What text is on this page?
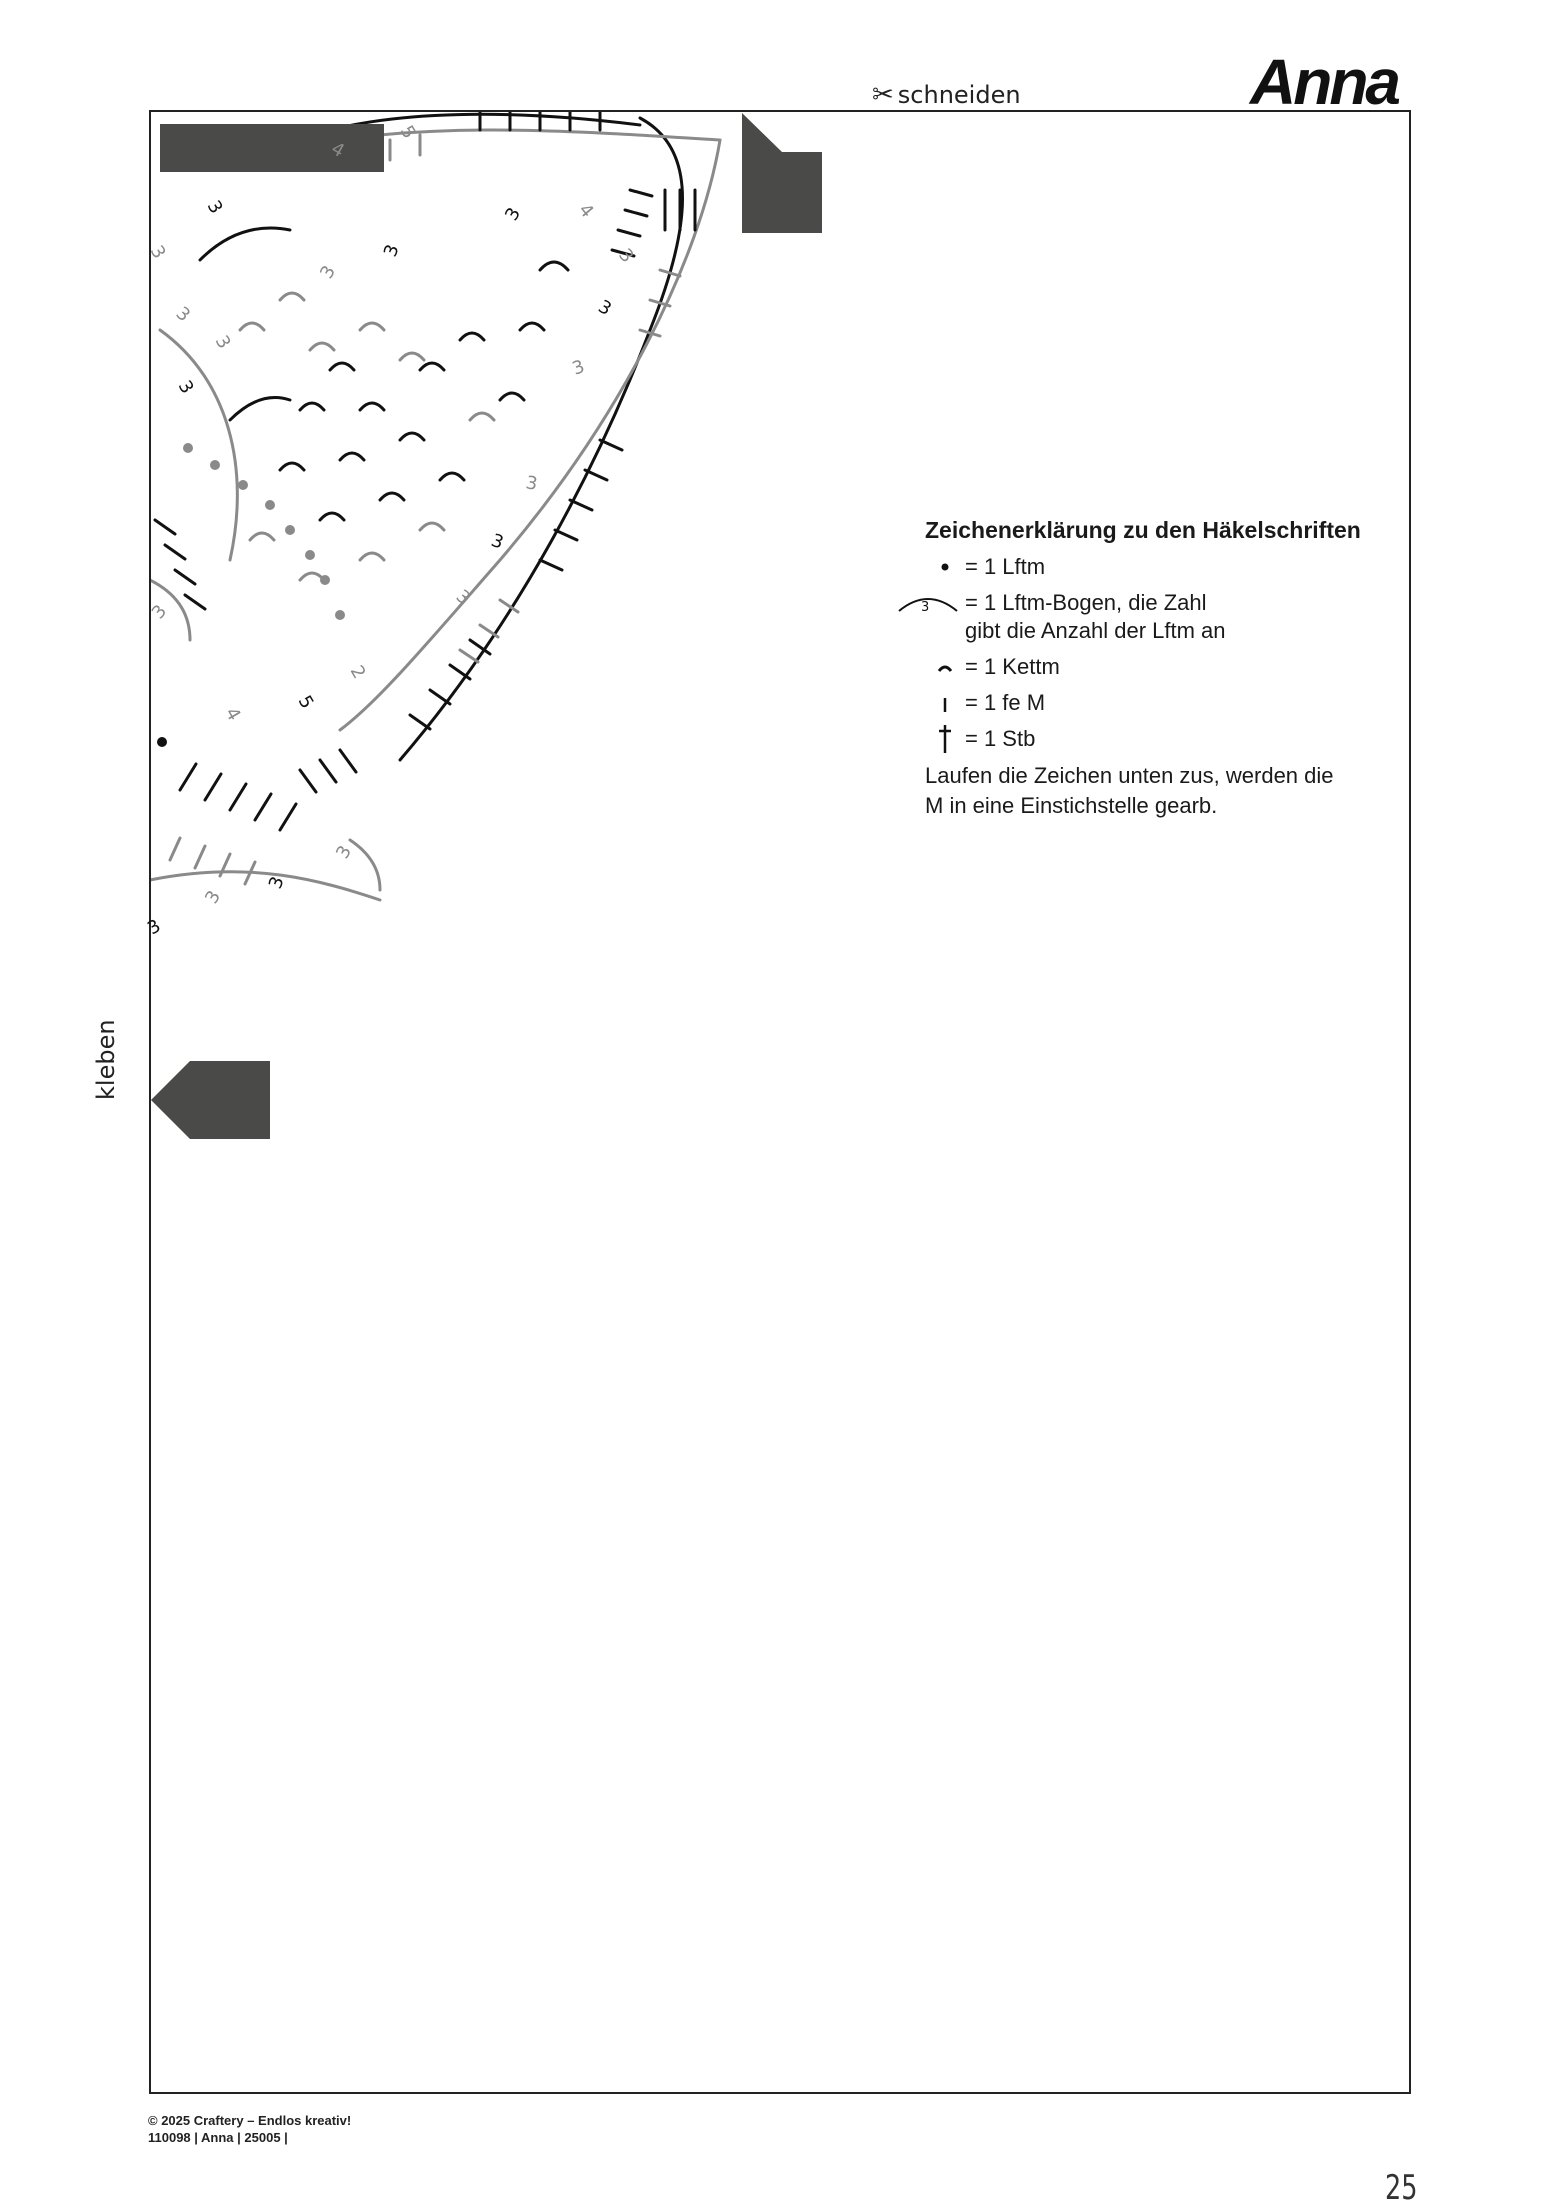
✂ schneiden	Anna
4
5
3	3
3
3
4
3
3
3
3
3
3
3
3
3
3
2
5
4
3
3
3
3
3
Zeichenerklärung zu den Häkelschriften
= 1 Lftm
3 = 1 Lftm-Bogen, die Zahl
gibt die Anzahl der Lftm an
= 1 Kettm
= 1 fe M
= 1 Stb
Laufen die Zeichen unten zus, werden die
M in eine Einstichstelle gearb.
kleben
© 2025 Craftery – Endlos kreativ!
110098 | Anna | 25005 |
25
